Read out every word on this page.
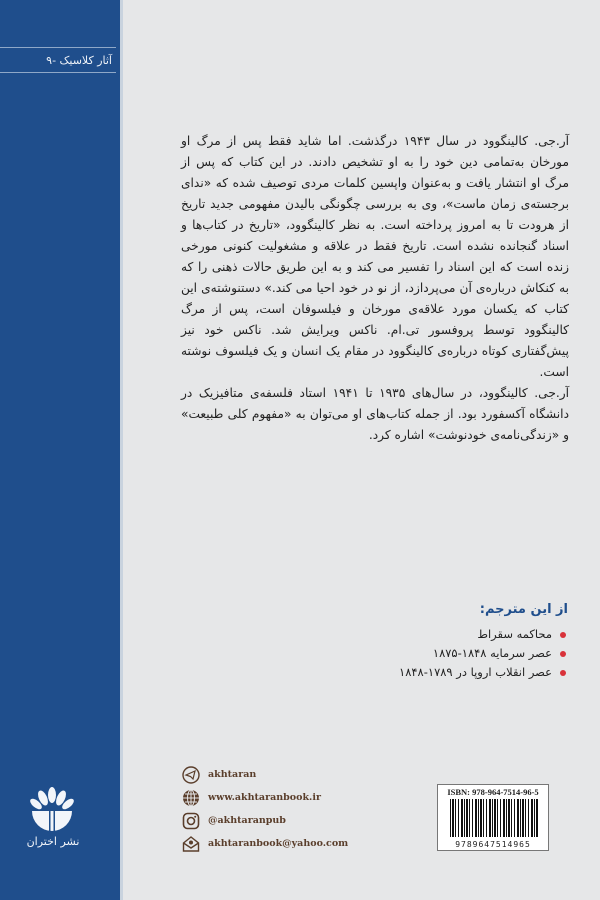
آثار کلاسیک -۹
نشر اختران

آر.جی. کالینگوود در سال ۱۹۴۳ درگذشت. اما شاید فقط پس از مرگ او مورخان به‌تمامی دین خود را به او تشخیص دادند. در این کتاب که پس از مرگ او انتشار یافت و به‌عنوان واپسین کلمات مردی توصیف شده که «ندای برجسته‌ی زمان ماست»، وی به بررسی چگونگی بالیدن مفهومی جدید تاریخ از هرودت تا به امروز پرداخته است. به نظر کالینگوود، «تاریخ در کتاب‌ها و اسناد گنجانده نشده است. تاریخ فقط در علاقه و مشغولیت کنونی مورخی زنده است که این اسناد را تفسیر می کند و به این طریق حالات ذهنی را که به کنکاش درباره‌ی آن می‌پردازد، از نو در خود احیا می کند.» دستنوشته‌ی این کتاب که یکسان مورد علاقه‌ی مورخان و فیلسوفان است، پس از مرگ کالینگوود توسط پروفسور تی.ام. ناکس ویرایش شد. ناکس خود نیز پیش‌گفتاری کوتاه درباره‌ی کالینگوود در مقام یک انسان و یک فیلسوف نوشته است.

آر.جی. کالینگوود، در سال‌های ۱۹۳۵ تا ۱۹۴۱ استاد فلسفه‌ی متافیزیک در دانشگاه آکسفورد بود. از جمله کتاب‌های او می‌توان به «مفهوم کلی طبیعت» و «زندگی‌نامه‌ی خودنوشت» اشاره کرد.

از این مترجم:
محاکمه سقراط
عصر سرمایه ۱۸۴۸-۱۸۷۵
عصر انقلاب اروپا در ۱۷۸۹-۱۸۴۸
akhtaran
www.akhtaranbook.ir
@akhtaranpub
akhtaranbook@yahoo.com
ISBN: 978-964-7514-96-5
9789647514965
